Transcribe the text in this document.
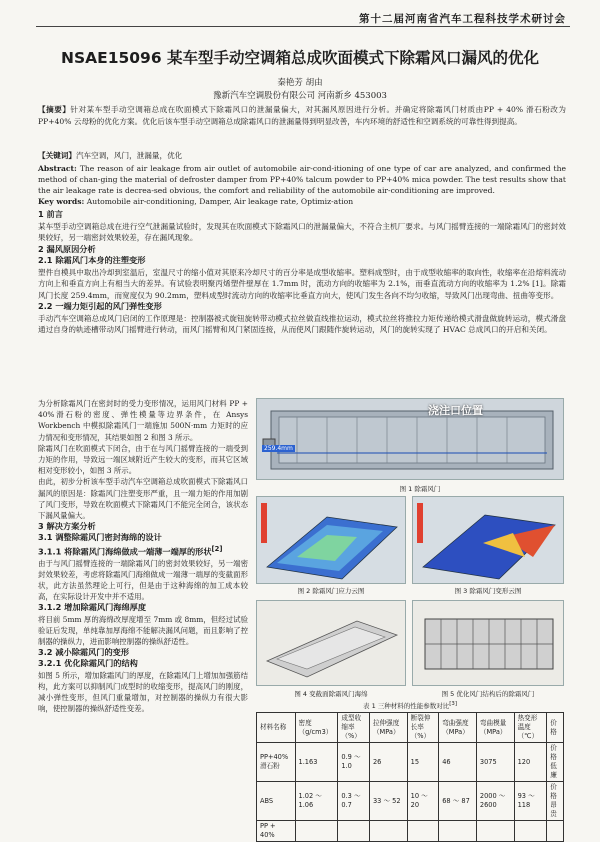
第十二届河南省汽车工程科技学术研讨会
NSAE15096 某车型手动空调箱总成吹面模式下除霜风口漏风的优化
秦艳芳 胡由
豫新汽车空调股份有限公司 河南新乡 453003
【摘要】针对某车型手动空调箱总成在吹面模式下除霜风口的泄漏量偏大，对其漏风原因进行分析。并确定将除霜风门材质由PP + 40% 滑石粉改为PP+40% 云母粉的优化方案。优化后该车型手动空调箱总成除霜风口的泄漏量得到明显改善，车内环境的舒适性和空调系统的可靠性得到提高。
【关键词】汽车空调，风门，泄漏量，优化
Abstract: The reason of air leakage from air outlet of automobile air-cond-itioning of one type of car are analyzed, and confirmed the method of chan-ging the material of defroster damper from PP+40% talcum powder to PP+40% mica powder. The test results show that the air leakage rate is decrea-sed obvious, the comfort and reliability of the automobile air-conditioning are improved.
Key words: Automobile air-conditioning, Damper, Air leakage rate, Optimiz-ation
1 前言
某车型手动空调箱总成在进行空气泄漏量试验时，发现其在吹面模式下除霜风口的泄漏量偏大，不符合主机厂要求。与风门摇臂连接的一端除霜风门的密封效果较好，另一端密封效果较差，存在漏风现象。
2 漏风原因分析
2.1 除霜风门本身的注塑变形
塑件自模具中取出冷却到室温后，室温尺寸的缩小值对其原来冷却尺寸的百分率是成型收缩率。塑料成型时，由于成型收缩率的取向性，收缩率在沿熔料流动方向上和垂直方向上有相当大的差异。有试验表明聚丙烯塑件壁厚在 1.7mm 时，流动方向的收缩率为 2.1%，而垂直流动方向的收缩率为 1.2% [1]。除霜风门长度 259.4mm，而宽度仅为 90.2mm，塑料成型时流动方向的收缩率比垂直方向大，使风门发生各向不均匀收缩，导致风门出现弯曲、扭曲等变形。
2.2 一端力矩引起的风门弹性变形
手动汽车空调箱总成风门启闭的工作原理是：控制器被式旋钮旋转带动模式拉丝做直线推拉运动，模式拉丝将推拉力矩传递给模式滑盘做旋转运动，模式滑盘通过自身的轨迹槽带动风门摇臂进行转动，而风门摇臂和风门紧固连接，从而使风门跟随作旋转运动，风门的旋转实现了 HVAC 总成风口的开启和关闭。
为分析除霜风门在密封时的受力变形情况，运用风门材料 PP + 40%滑石粉的密度、弹性模量等边界条件，在 Ansys Workbench 中模拟除霜风门一端施加 500N·mm 力矩时的应力情况和变形情况，其结果如图 2 和图 3 所示。
除霜风门在吹面模式下闭合，由于在与风门摇臂连接的一端受到力矩的作用，导致远一端区域附近产生较大的变形，而其它区域相对变形较小，如图 3 所示。
由此，初步分析该车型手动汽车空调箱总成吹面模式下除霜风口漏风的原因是：除霜风门注塑变形严重，且一端力矩的作用加剧了风门变形，导致在吹面模式下除霜风门不能完全闭合，该状态下漏风量偏大。
3 解决方案分析
3.1 调整除霜风门密封海绵的设计
3.1.1 将除霜风门海绵做成一端薄一端厚的形状[2]
由于与风门摇臂连接的一端除霜风门的密封效果较好，另一端密封效果较差，考虑将除霜风门海绵做成一端薄一端厚的变截面形状，此方法虽然理论上可行，但是由于这种海绵的加工成本较高，在实际设计开发中并不适用。
3.1.2 增加除霜风门海绵厚度
将目前 5mm 厚的海绵改厚度增至 7mm 或 8mm，但经过试验验证后发现，单纯靠加厚海绵不能解决漏风问题，而且影响了控制器的操纵力，进而影响控制器的操纵舒适性。
3.2 减小除霜风门的变形
3.2.1 优化除霜风门的结构
如图 5 所示，增加除霜风门的厚度，在除霜风门上增加加强筋结构，此方案可以抑制风门成型时的收缩变形，提高风门的刚度，减小弹性变形，但风门重量增加，对控制器的操纵力有很大影响，使控制器的操纵舒适性变差。
浇注口位置
259.4mm
图 1 除霜风门
图 2 除霜风门应力云图	图 3 除霜风门变形云图
图 4 变截面除霜风门海绵	图 5 优化风门结构后的除霜风门
表 1 三种材料的性能参数对比[3]
材料名称	密度（g/cm3）	成型收缩率（%）	拉伸强度（MPa）	断裂伸长率（%）	弯曲强度（MPa）	弯曲模量（MPa）	热变形温度（℃）	价格
PP+40% 滑石粉	1.163	0.9 ～ 1.0	26	15	46	3075	120	价格低廉
ABS	1.02 ～ 1.06	0.3 ～ 0.7	33 ～ 52	10 ～ 20	68 ～ 87	2000 ～ 2600	93 ～ 118	价格昂贵
PP + 40%								
